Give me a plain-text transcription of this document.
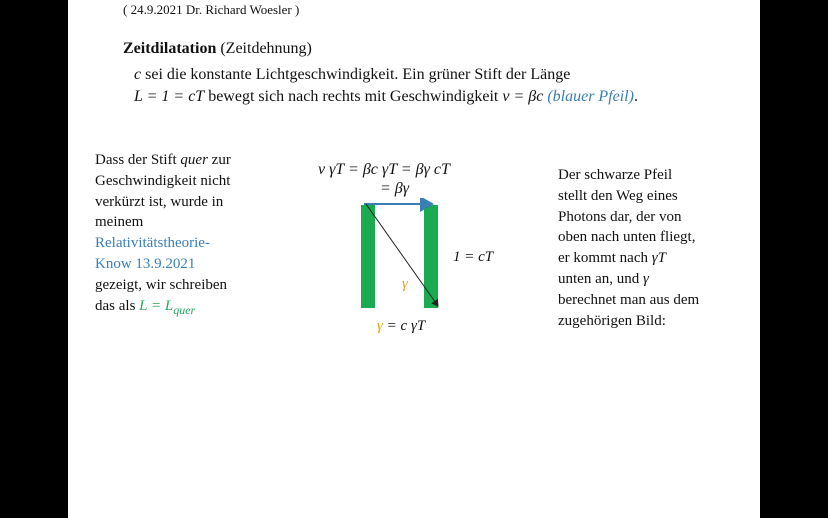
( 24.9.2021 Dr. Richard Woesler )
Zeitdilatation (Zeitdehnung)
c sei die konstante Lichtgeschwindigkeit. Ein grüner Stift der Länge
L = 1 = cT bewegt sich nach rechts mit Geschwindigkeit v = βc (blauer Pfeil).
Dass der Stift quer zur
Geschwindigkeit nicht
verkürzt ist, wurde in
meinem
Relativitätstheorie-
Know 13.9.2021
gezeigt, wir schreiben
das als $L = L_{quer}$
Der schwarze Pfeil
stellt den Weg eines
Photons dar, der von
oben nach unten fliegt,
er kommt nach γT
unten an, und γ
berechnet man aus dem
zugehörigen Bild:
v γT = βc γT = βγ cT
= βγ
1 = cT
γ
γ = c γT
